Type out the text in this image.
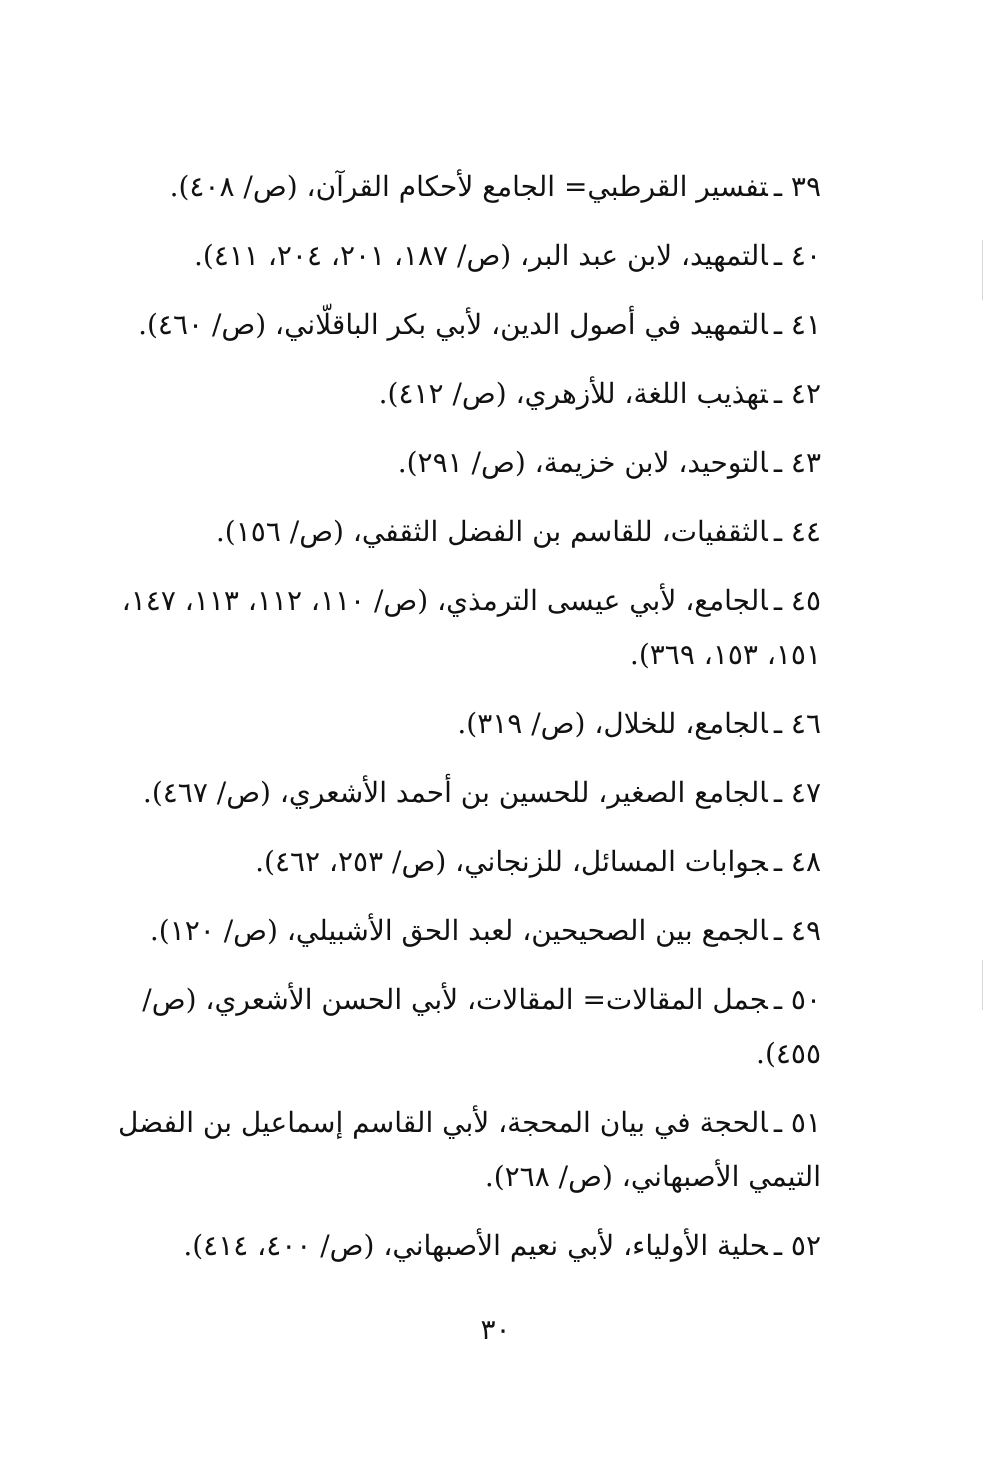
٣٩ ـتفسير القرطبي= الجامع لأحكام القرآن، (ص/ ٤٠٨).
٤٠ ـالتمهيد، لابن عبد البر، (ص/ ١٨٧، ٢٠١، ٢٠٤، ٤١١).
٤١ ـالتمهيد في أصول الدين، لأبي بكر الباقلّاني، (ص/ ٤٦٠).
٤٢ ـتهذيب اللغة، للأزهري، (ص/ ٤١٢).
٤٣ ـالتوحيد، لابن خزيمة، (ص/ ٢٩١).
٤٤ ـالثقفيات، للقاسم بن الفضل الثقفي، (ص/ ١٥٦).
٤٥ ـالجامع، لأبي عيسى الترمذي، (ص/ ١١٠، ١١٢، ١١٣، ١٤٧، ١٥١، ١٥٣، ٣٦٩).
٤٦ ـالجامع، للخلال، (ص/ ٣١٩).
٤٧ ـالجامع الصغير، للحسين بن أحمد الأشعري، (ص/ ٤٦٧).
٤٨ ـجوابات المسائل، للزنجاني، (ص/ ٢٥٣، ٤٦٢).
٤٩ ـالجمع بين الصحيحين، لعبد الحق الأشبيلي، (ص/ ١٢٠).
٥٠ ـجمل المقالات= المقالات، لأبي الحسن الأشعري، (ص/ ٤٥٥).
٥١ ـالحجة في بيان المحجة، لأبي القاسم إسماعيل بن الفضل التيمي الأصبهاني، (ص/ ٢٦٨).
٥٢ ـحلية الأولياء، لأبي نعيم الأصبهاني، (ص/ ٤٠٠، ٤١٤).
٣٠
